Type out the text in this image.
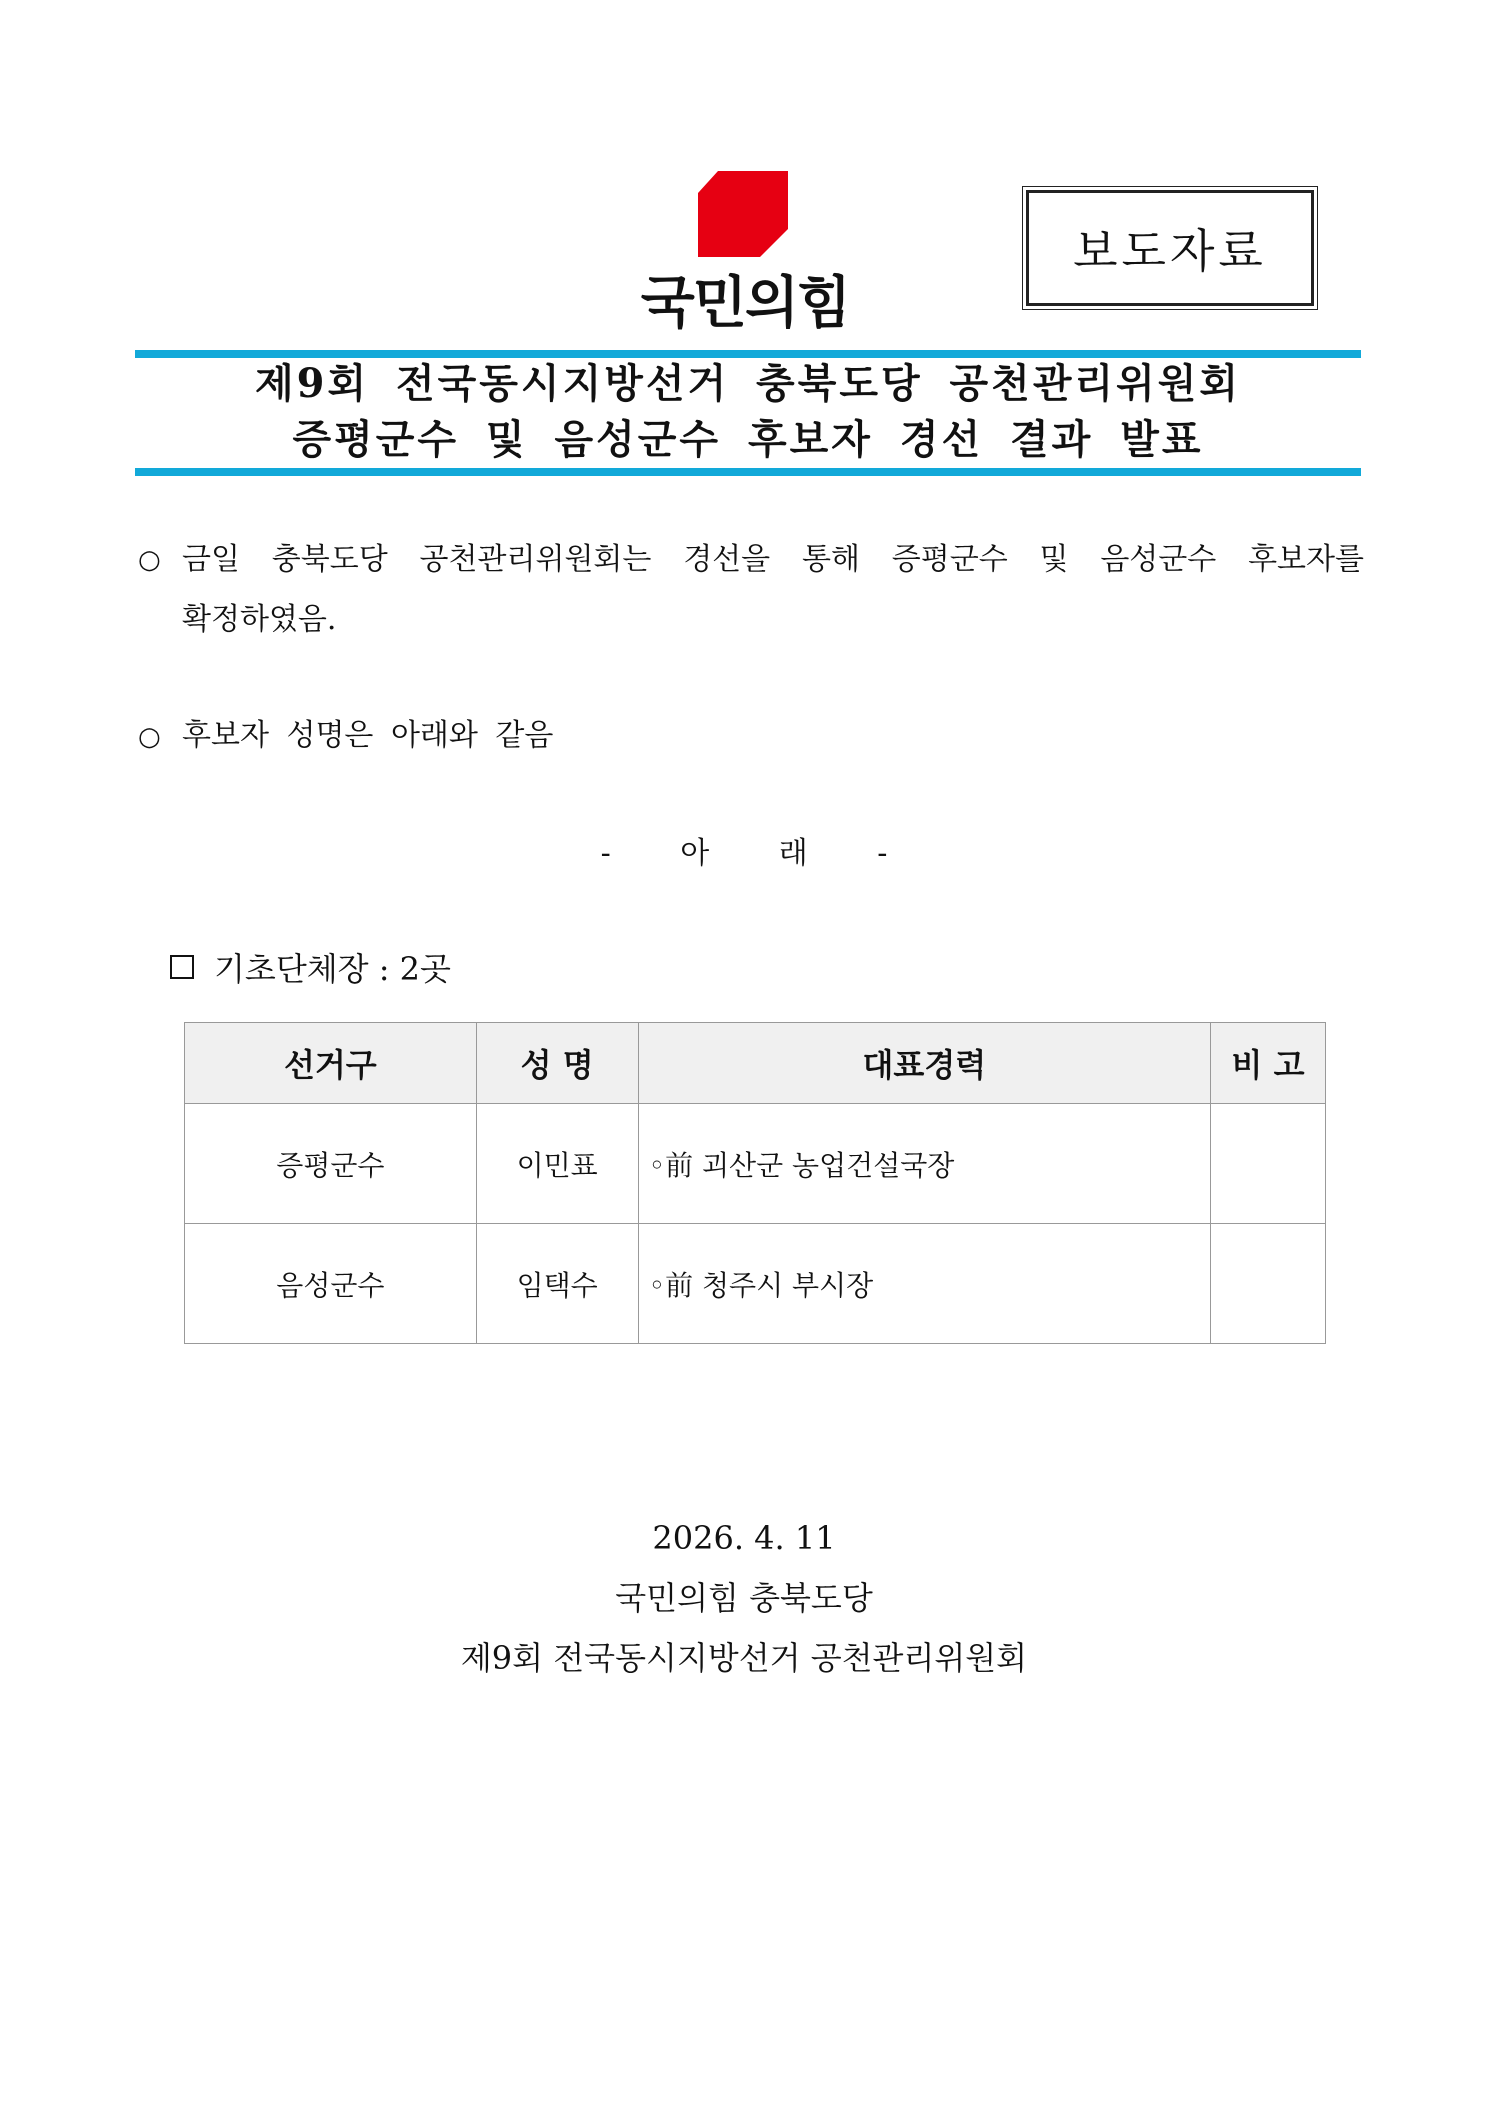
국민의힘
보도자료
제9회 전국동시지방선거 충북도당 공천관리위원회
증평군수 및 음성군수 후보자 경선 결과 발표
○ 금일 충북도당 공천관리위원회는 경선을 통해 증평군수 및 음성군수 후보자를
확정하였음.
○ 후보자 성명은 아래와 같음
- 아 래 -
기초단체장 : 2곳
선거구	성 명	대표경력	비 고
증평군수	이민표	◦前 괴산군 농업건설국장	
음성군수	임택수	◦前 청주시 부시장	
2026. 4. 11
국민의힘 충북도당
제9회 전국동시지방선거 공천관리위원회
